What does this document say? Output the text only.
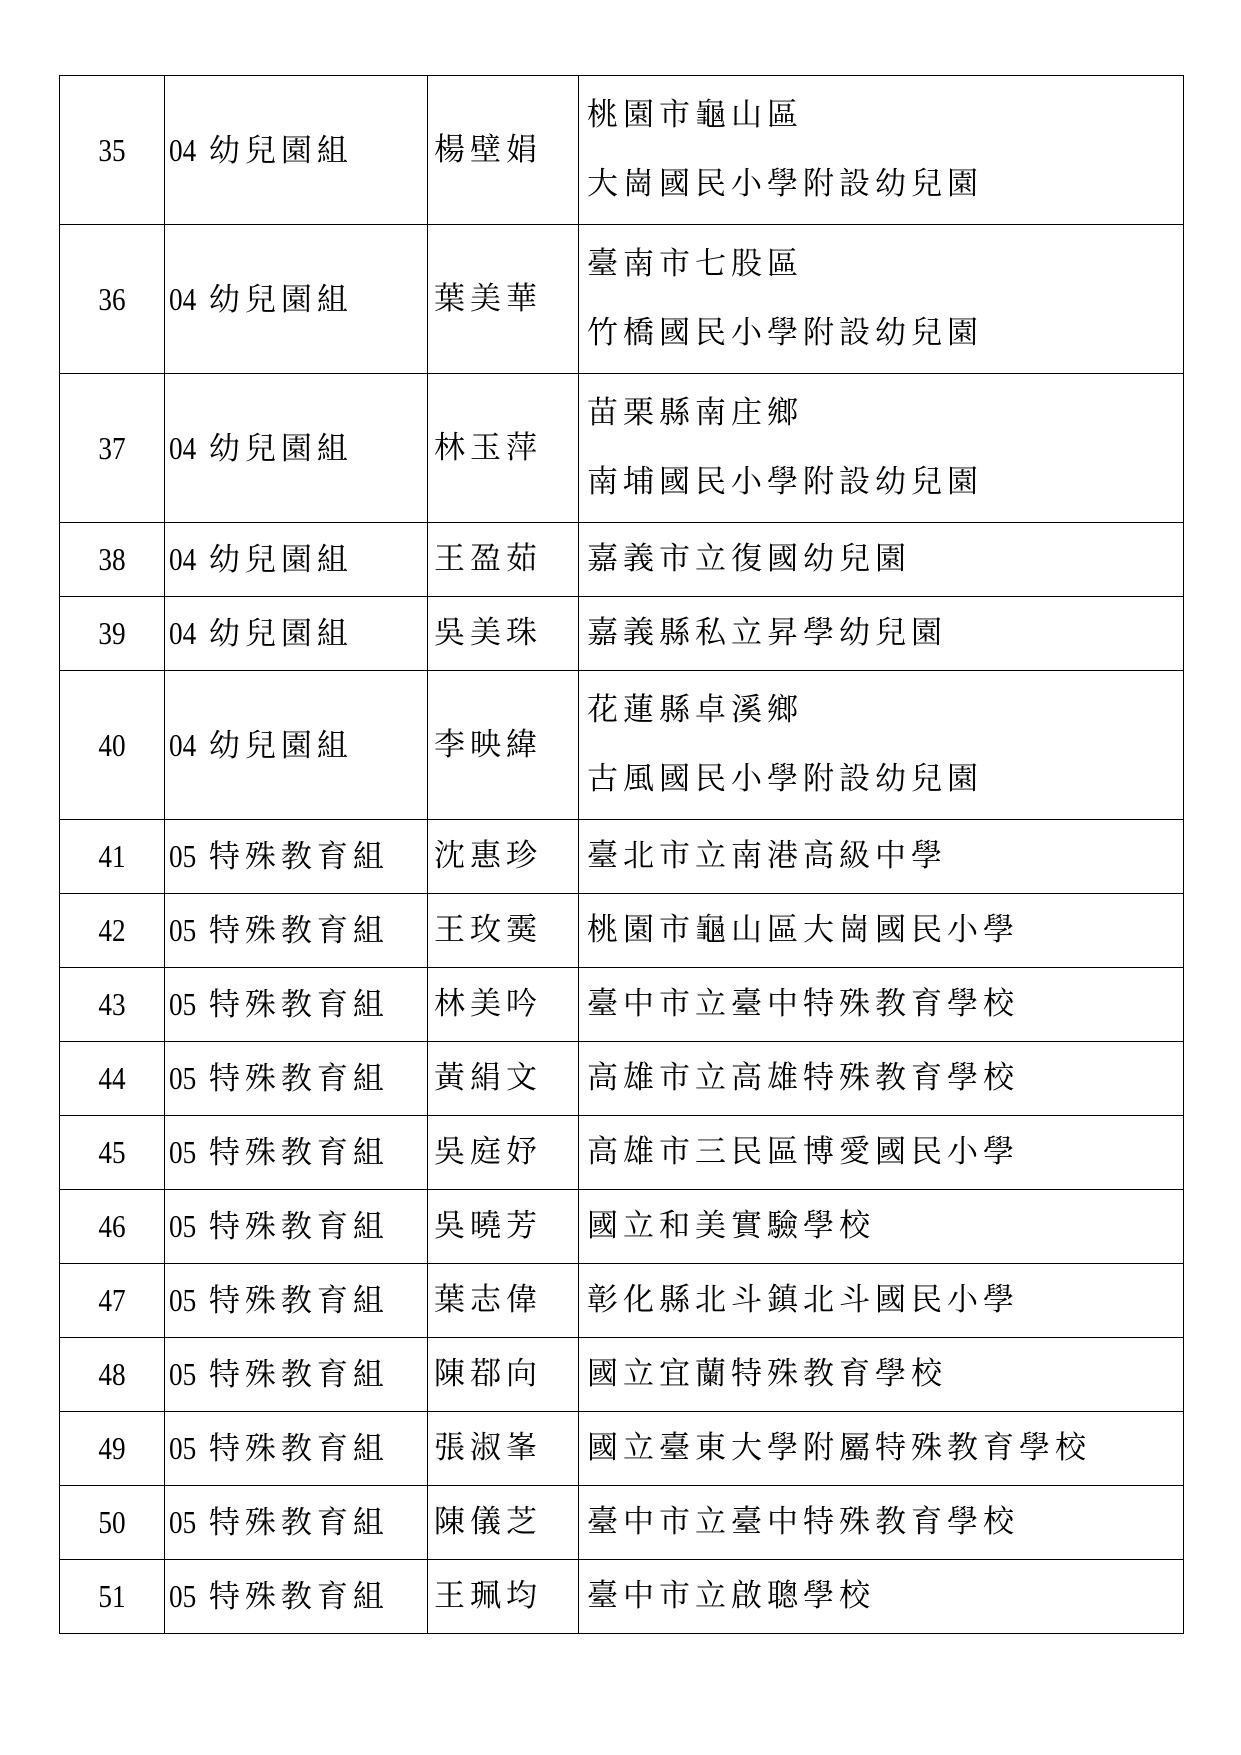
35	04 幼兒園組	楊壁娟	桃園市龜山區
大崗國民小學附設幼兒園

36	04 幼兒園組	葉美華	臺南市七股區
竹橋國民小學附設幼兒園

37	04 幼兒園組	林玉萍	苗栗縣南庄鄉
南埔國民小學附設幼兒園

38	04 幼兒園組	王盈茹	嘉義市立復國幼兒園

39	04 幼兒園組	吳美珠	嘉義縣私立昇學幼兒園

40	04 幼兒園組	李映緯	花蓮縣卓溪鄉
古風國民小學附設幼兒園

41	05 特殊教育組	沈惠珍	臺北市立南港高級中學

42	05 特殊教育組	王玫霙	桃園市龜山區大崗國民小學

43	05 特殊教育組	林美吟	臺中市立臺中特殊教育學校

44	05 特殊教育組	黃絹文	高雄市立高雄特殊教育學校

45	05 特殊教育組	吳庭妤	高雄市三民區博愛國民小學

46	05 特殊教育組	吳曉芳	國立和美實驗學校

47	05 特殊教育組	葉志偉	彰化縣北斗鎮北斗國民小學

48	05 特殊教育組	陳鄀向	國立宜蘭特殊教育學校

49	05 特殊教育組	張淑峯	國立臺東大學附屬特殊教育學校

50	05 特殊教育組	陳儀芝	臺中市立臺中特殊教育學校

51	05 特殊教育組	王珮均	臺中市立啟聰學校
